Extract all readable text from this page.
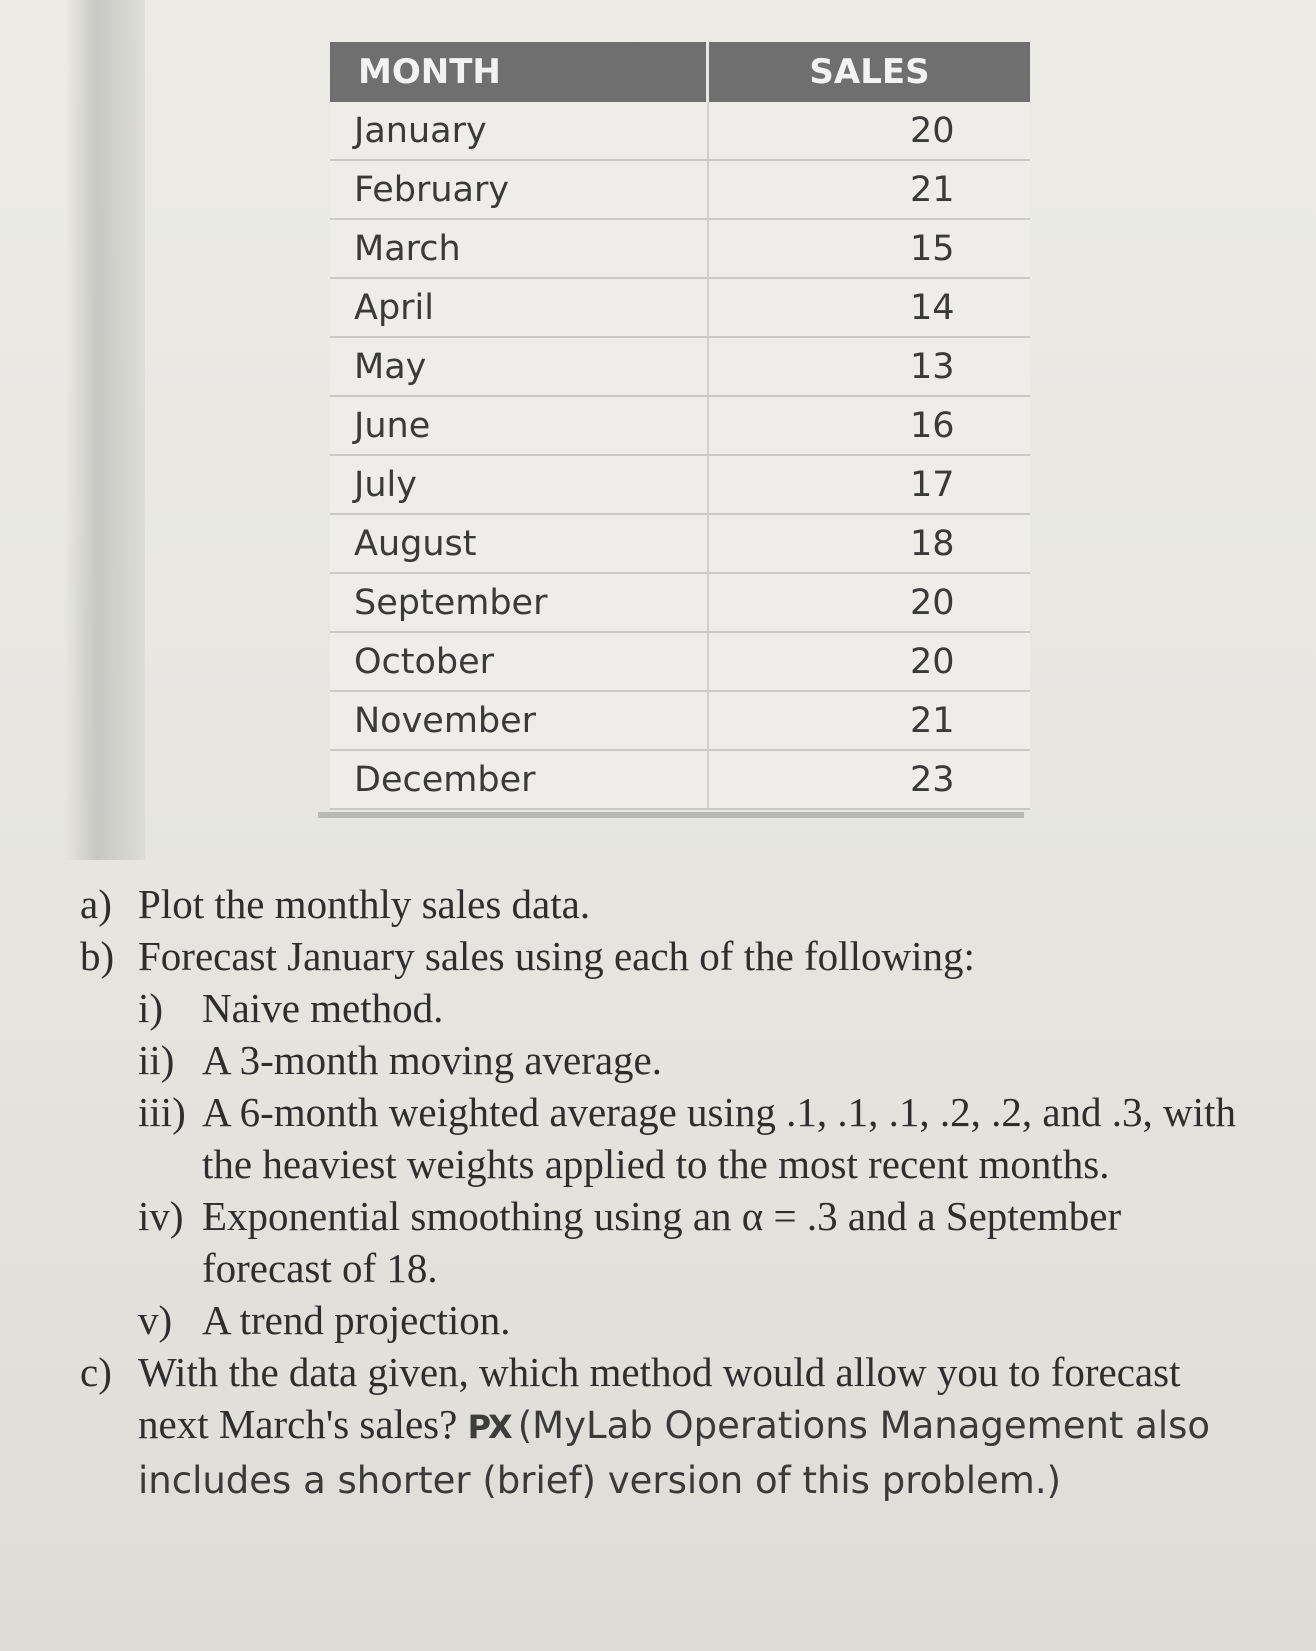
MONTH	SALES
January	20
February	21
March	15
April	14
May	13
June	16
July	17
August	18
September	20
October	20
November	21
December	23
a) Plot the monthly sales data.
b) Forecast January sales using each of the following:
i) Naive method.
ii) A 3-month moving average.
iii) A 6-month weighted average using .1, .1, .1, .2, .2, and .3, with the heaviest weights applied to the most recent months.
iv) Exponential smoothing using an α = .3 and a September forecast of 18.
v) A trend projection.
c) With the data given, which method would allow you to forecast next March's sales? PX (MyLab Operations Management also includes a shorter (brief) version of this problem.)
